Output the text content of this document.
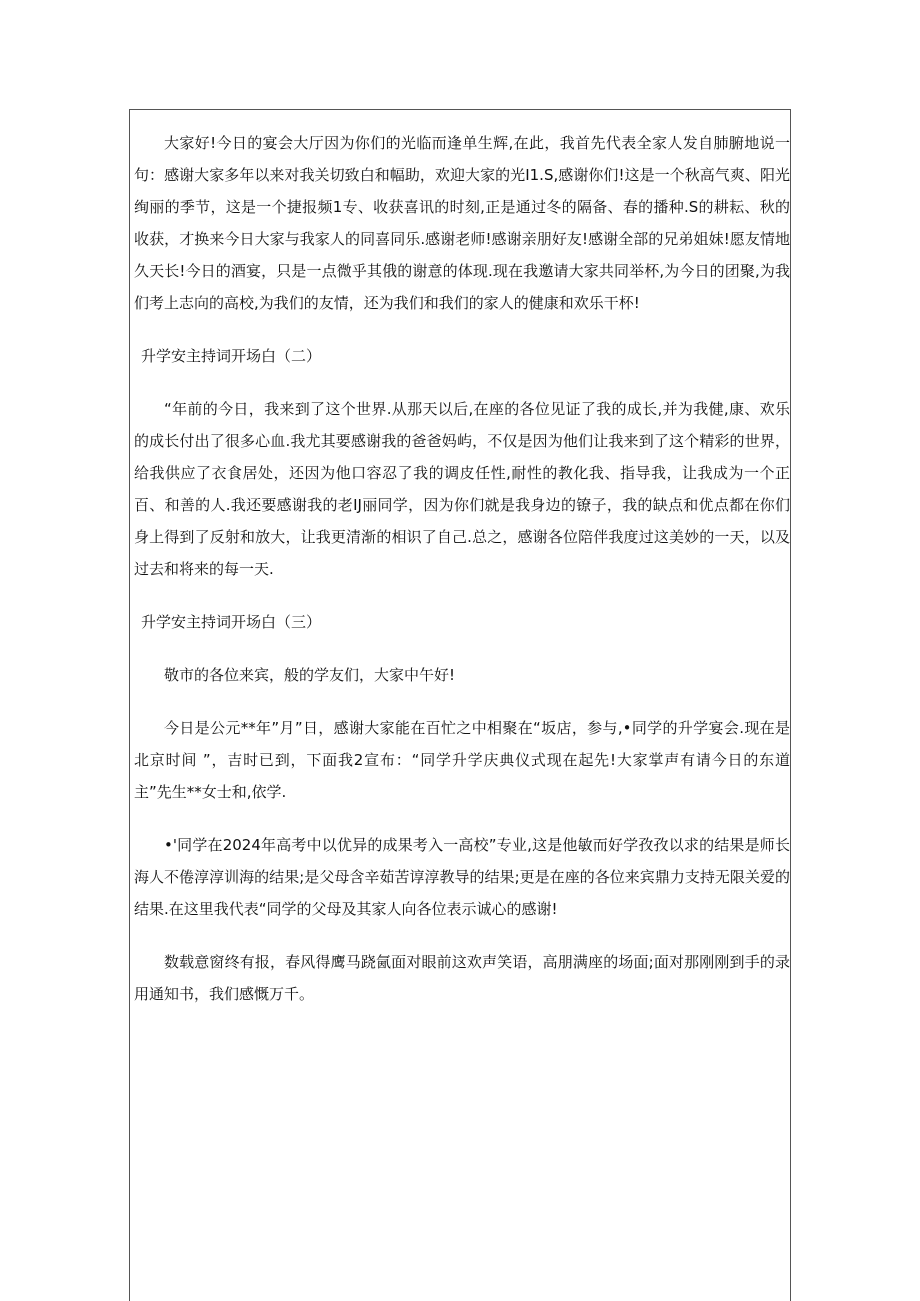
大家好!今日的宴会大厅因为你们的光临而逢单生辉,在此，我首先代表全家人发自肺腑地说一句：感谢大家多年以来对我关切致白和幅助，欢迎大家的光I1.S,感谢你们!这是一个秋高气爽、阳光绚丽的季节，这是一个捷报频1专、收获喜讯的时刻,正是通过冬的隔备、春的播种.S的耕耘、秋的收获，才换来今日大家与我家人的同喜同乐.感谢老师!感谢亲朋好友!感谢全部的兄弟姐妹!愿友情地久天长!今日的酒宴，只是一点微乎其俄的谢意的体现.现在我邀请大家共同举杯,为今日的团聚,为我们考上志向的高校,为我们的友情，还为我们和我们的家人的健康和欢乐干杯!

升学安主持词开场白（二）

“年前的今日，我来到了这个世界.从那天以后,在座的各位见证了我的成长,并为我健,康、欢乐的成长付出了很多心血.我尤其要感谢我的爸爸妈屿，不仅是因为他们让我来到了这个精彩的世界，给我供应了衣食居处，还因为他口容忍了我的调皮任性,耐性的教化我、指导我，让我成为一个正百、和善的人.我还要感谢我的老IJ丽同学，因为你们就是我身边的镣子，我的缺点和优点都在你们身上得到了反射和放大，让我更清渐的相识了自己.总之，感谢各位陪伴我度过这美妙的一天，以及过去和将来的每一天.

升学安主持词开场白（三）

敬市的各位来宾，般的学友们，大家中午好!

今日是公元**年”月”日，感谢大家能在百忙之中相聚在“坂店，参与,•同学的升学宴会.现在是北京时间 ”，吉时已到，下面我2宣布：“同学升学庆典仪式现在起先!大家掌声有请今日的东道主”先生**女士和,依学.

•'同学在2024年高考中以优异的成果考入一高校”专业,这是他敏而好学孜孜以求的结果是师长海人不倦淳淳训海的结果;是父母含辛茹苦谆淳教导的结果;更是在座的各位来宾鼎力支持无限关爱的结果.在这里我代表“同学的父母及其家人向各位表示诚心的感谢!

数载意窗终有报，春风得鹰马跷氤面对眼前这欢声笑语，高朋满座的场面;面对那刚刚到手的录用通知书，我们感慨万千。
